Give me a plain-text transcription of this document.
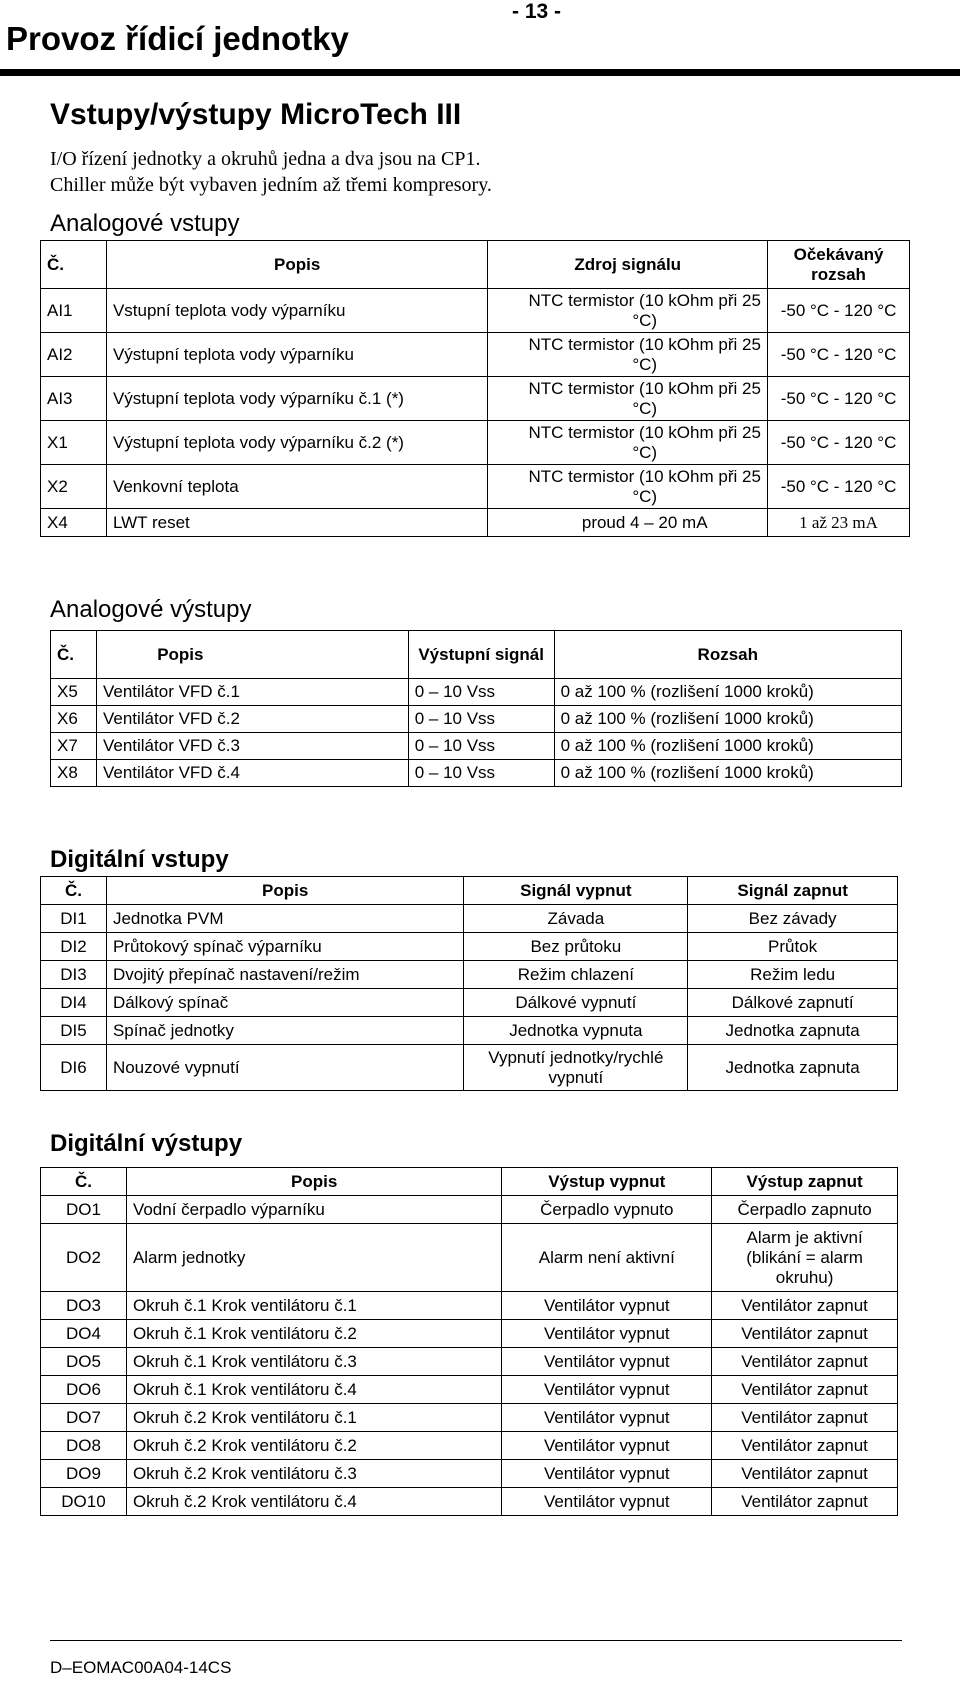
- 13 -
Provoz řídicí jednotky
Vstupy/výstupy MicroTech III
I/O řízení jednotky a okruhů jedna a dva jsou na CP1.
Chiller může být vybaven jedním až třemi kompresory.
Analogové vstupy
Č.	Popis	Zdroj signálu	Očekávaný rozsah
AI1	Vstupní teplota vody výparníku	NTC termistor (10 kOhm při 25 °C)	-50 °C - 120 °C
AI2	Výstupní teplota vody výparníku	NTC termistor (10 kOhm při 25 °C)	-50 °C - 120 °C
AI3	Výstupní teplota vody výparníku č.1 (*)	NTC termistor (10 kOhm při 25 °C)	-50 °C - 120 °C
X1	Výstupní teplota vody výparníku č.2 (*)	NTC termistor (10 kOhm při 25 °C)	-50 °C - 120 °C
X2	Venkovní teplota	NTC termistor (10 kOhm při 25 °C)	-50 °C - 120 °C
X4	LWT reset	proud 4 – 20 mA	1 až 23 mA
Analogové výstupy
Č.	Popis	Výstupní signál	Rozsah
X5	Ventilátor VFD č.1	0 – 10 Vss	0 až 100 % (rozlišení 1000 kroků)
X6	Ventilátor VFD č.2	0 – 10 Vss	0 až 100 % (rozlišení 1000 kroků)
X7	Ventilátor VFD č.3	0 – 10 Vss	0 až 100 % (rozlišení 1000 kroků)
X8	Ventilátor VFD č.4	0 – 10 Vss	0 až 100 % (rozlišení 1000 kroků)
Digitální vstupy
Č.	Popis	Signál vypnut	Signál zapnut
DI1	Jednotka PVM	Závada	Bez závady
DI2	Průtokový spínač výparníku	Bez průtoku	Průtok
DI3	Dvojitý přepínač nastavení/režim	Režim chlazení	Režim ledu
DI4	Dálkový spínač	Dálkové vypnutí	Dálkové zapnutí
DI5	Spínač jednotky	Jednotka vypnuta	Jednotka zapnuta
DI6	Nouzové vypnutí	Vypnutí jednotky/rychlé vypnutí	Jednotka zapnuta
Digitální výstupy
Č.	Popis	Výstup vypnut	Výstup zapnut
DO1	Vodní čerpadlo výparníku	Čerpadlo vypnuto	Čerpadlo zapnuto
DO2	Alarm jednotky	Alarm není aktivní	Alarm je aktivní (blikání = alarm okruhu)
DO3	Okruh č.1 Krok ventilátoru č.1	Ventilátor vypnut	Ventilátor zapnut
DO4	Okruh č.1 Krok ventilátoru č.2	Ventilátor vypnut	Ventilátor zapnut
DO5	Okruh č.1 Krok ventilátoru č.3	Ventilátor vypnut	Ventilátor zapnut
DO6	Okruh č.1 Krok ventilátoru č.4	Ventilátor vypnut	Ventilátor zapnut
DO7	Okruh č.2 Krok ventilátoru č.1	Ventilátor vypnut	Ventilátor zapnut
DO8	Okruh č.2 Krok ventilátoru č.2	Ventilátor vypnut	Ventilátor zapnut
DO9	Okruh č.2 Krok ventilátoru č.3	Ventilátor vypnut	Ventilátor zapnut
DO10	Okruh č.2 Krok ventilátoru č.4	Ventilátor vypnut	Ventilátor zapnut
D–EOMAC00A04-14CS
